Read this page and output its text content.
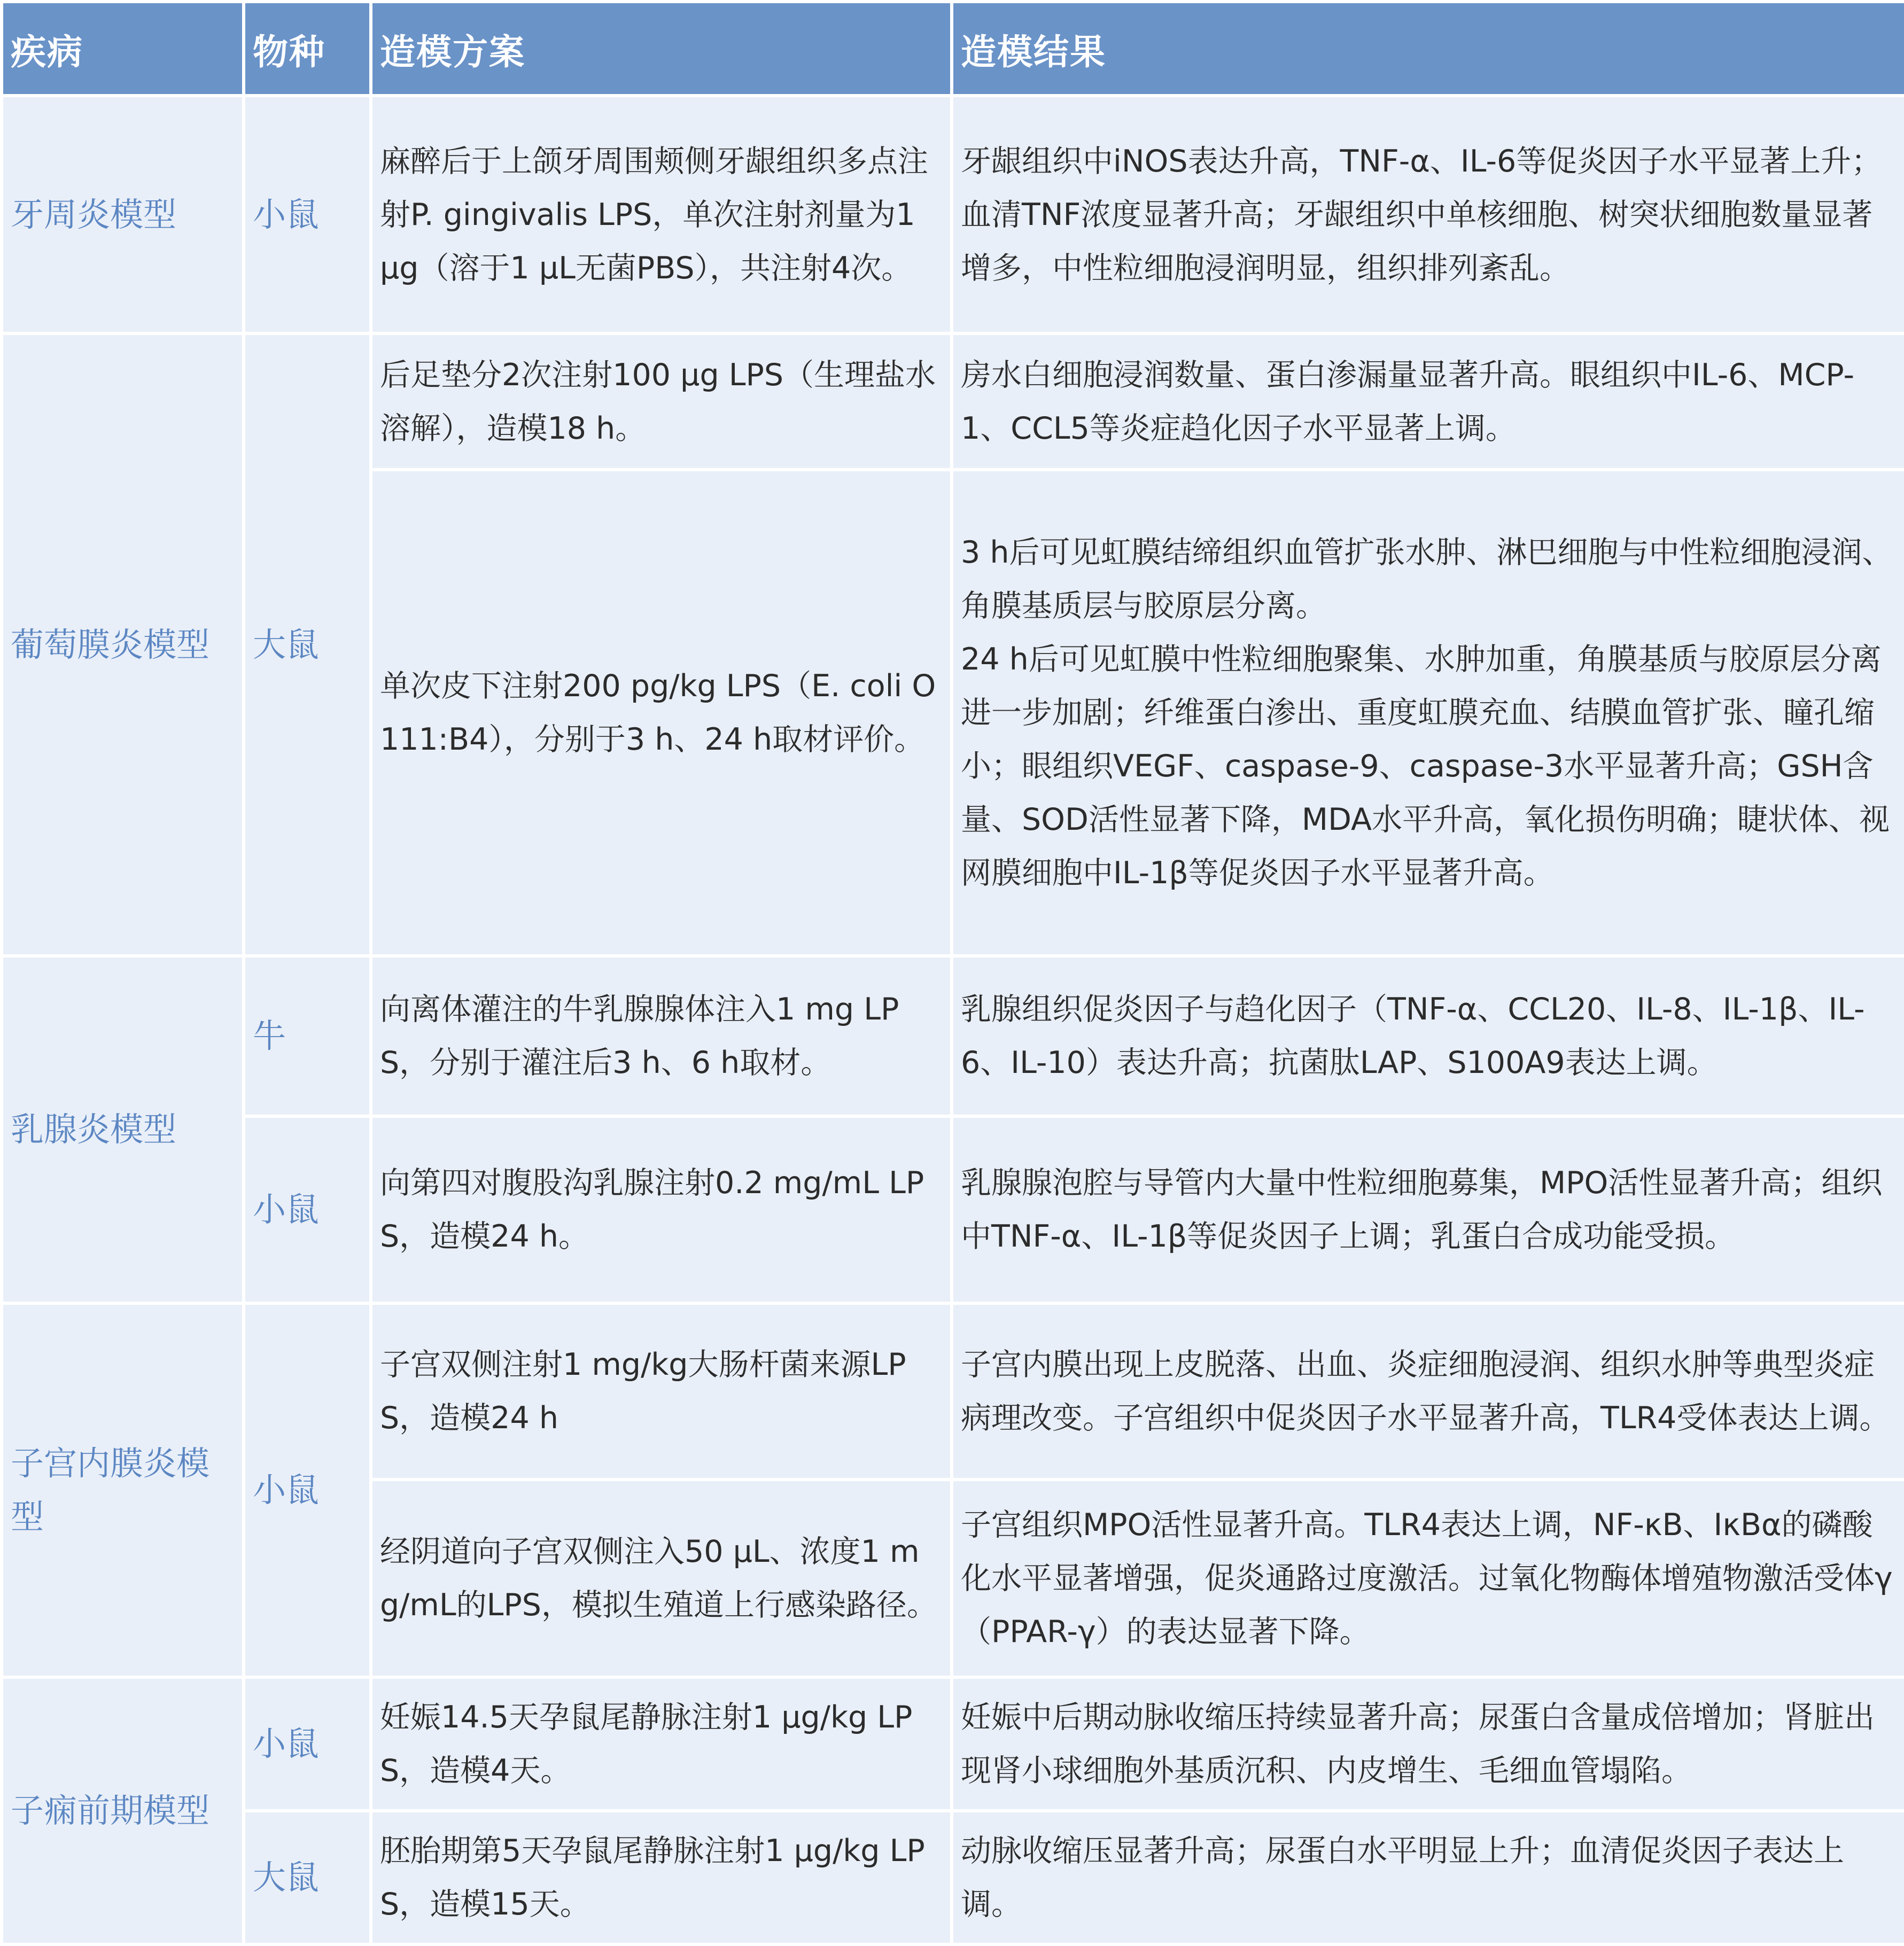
疾病	物种	造模方案	造模结果
牙周炎模型	小鼠	麻醉后于上颌牙周围颊侧牙龈组织多点注射P. gingivalis LPS，单次注射剂量为1 μg（溶于1 μL无菌PBS），共注射4次。	牙龈组织中iNOS表达升高，TNF-α、IL-6等促炎因子水平显著上升；血清TNF浓度显著升高；牙龈组织中单核细胞、树突状细胞数量显著增多，中性粒细胞浸润明显，组织排列紊乱。
葡萄膜炎模型	大鼠	后足垫分2次注射100 μg LPS（生理盐水溶解），造模18 h。	房水白细胞浸润数量、蛋白渗漏量显著升高。眼组织中IL-6、MCP-1、CCL5等炎症趋化因子水平显著上调。
		单次皮下注射200 pg/kg LPS（E. coli O111:B4），分别于3 h、24 h取材评价。	3 h后可见虹膜结缔组织血管扩张水肿、淋巴细胞与中性粒细胞浸润、角膜基质层与胶原层分离。
24 h后可见虹膜中性粒细胞聚集、水肿加重，角膜基质与胶原层分离进一步加剧；纤维蛋白渗出、重度虹膜充血、结膜血管扩张、瞳孔缩小；眼组织VEGF、caspase-9、caspase-3水平显著升高；GSH含量、SOD活性显著下降，MDA水平升高，氧化损伤明确；睫状体、视网膜细胞中IL-1β等促炎因子水平显著升高。

乳腺炎模型	牛	向离体灌注的牛乳腺腺体注入1 mg LPS，分别于灌注后3 h、6 h取材。	乳腺组织促炎因子与趋化因子（TNF-α、CCL20、IL-8、IL-1β、IL-6、IL-10）表达升高；抗菌肽LAP、S100A9表达上调。
	小鼠	向第四对腹股沟乳腺注射0.2 mg/mL LPS，造模24 h。	乳腺腺泡腔与导管内大量中性粒细胞募集，MPO活性显著升高；组织中TNF-α、IL-1β等促炎因子上调；乳蛋白合成功能受损。
子宫内膜炎模型	小鼠	子宫双侧注射1 mg/kg大肠杆菌来源LPS，造模24 h	子宫内膜出现上皮脱落、出血、炎症细胞浸润、组织水肿等典型炎症病理改变。子宫组织中促炎因子水平显著升高，TLR4受体表达上调。
		经阴道向子宫双侧注入50 μL、浓度1 mg/mL的LPS，模拟生殖道上行感染路径。	子宫组织MPO活性显著升高。TLR4表达上调，NF-κB、IκBα的磷酸化水平显著增强，促炎通路过度激活。过氧化物酶体增殖物激活受体γ（PPAR-γ）的表达显著下降。
子痫前期模型	小鼠	妊娠14.5天孕鼠尾静脉注射1 μg/kg LPS，造模4天。	妊娠中后期动脉收缩压持续显著升高；尿蛋白含量成倍增加；肾脏出现肾小球细胞外基质沉积、内皮增生、毛细血管塌陷。
	大鼠	胚胎期第5天孕鼠尾静脉注射1 μg/kg LPS，造模15天。	动脉收缩压显著升高；尿蛋白水平明显上升；血清促炎因子表达上调。
